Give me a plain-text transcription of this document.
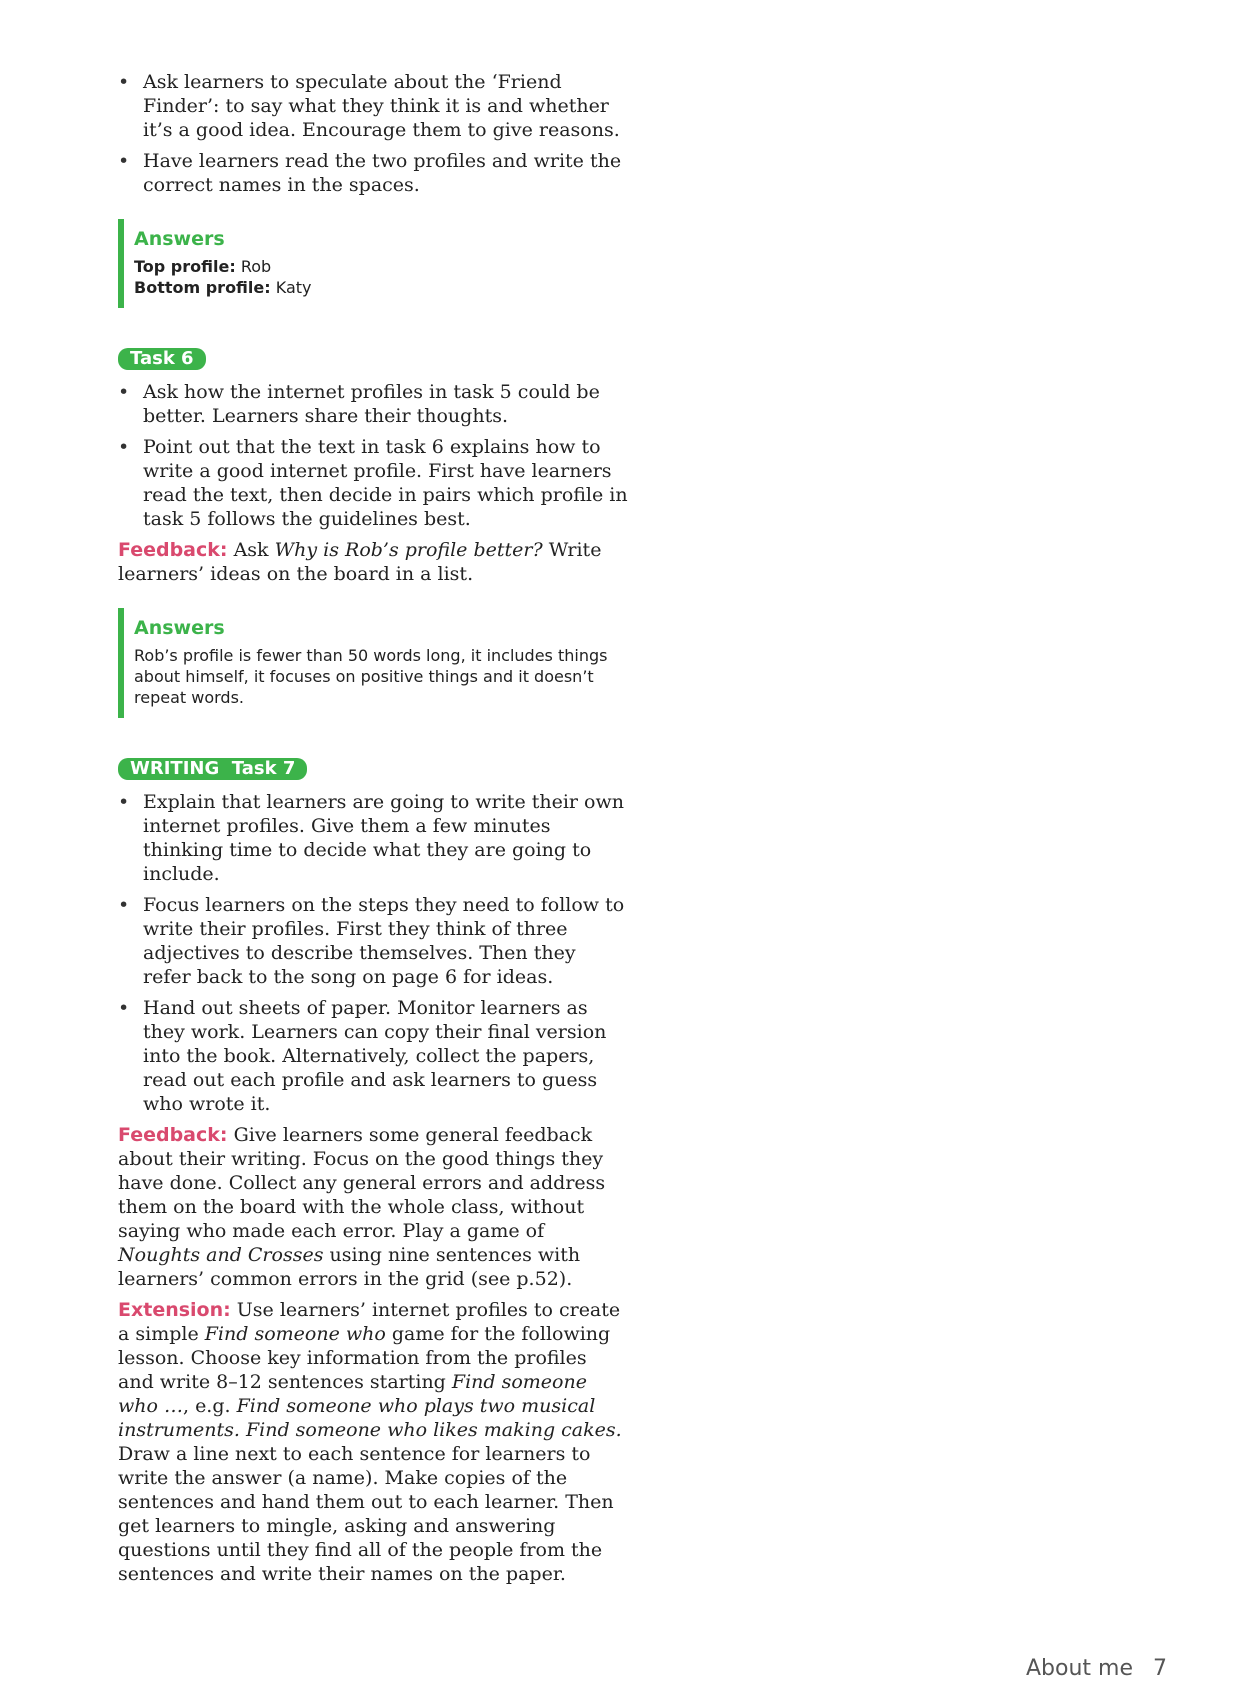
• Ask learners to speculate about the ‘Friend Finder’: to say what they think it is and whether it’s a good idea. Encourage them to give reasons.
• Have learners read the two profiles and write the correct names in the spaces.
Answers
Top profile: Rob
Bottom profile: Katy
Task 6
• Ask how the internet profiles in task 5 could be better. Learners share their thoughts.
• Point out that the text in task 6 explains how to write a good internet profile. First have learners read the text, then decide in pairs which profile in task 5 follows the guidelines best.

Feedback: Ask Why is Rob’s profile better? Write learners’ ideas on the board in a list.

Answers
Rob’s profile is fewer than 50 words long, it includes things about himself, it focuses on positive things and it doesn’t repeat words.
WRITING  Task 7
• Explain that learners are going to write their own internet profiles. Give them a few minutes thinking time to decide what they are going to include.
• Focus learners on the steps they need to follow to write their profiles. First they think of three adjectives to describe themselves. Then they refer back to the song on page 6 for ideas.
• Hand out sheets of paper. Monitor learners as they work. Learners can copy their final version into the book. Alternatively, collect the papers, read out each profile and ask learners to guess who wrote it.

Feedback: Give learners some general feedback about their writing. Focus on the good things they have done. Collect any general errors and address them on the board with the whole class, without saying who made each error. Play a game of Noughts and Crosses using nine sentences with learners’ common errors in the grid (see p.52).

Extension: Use learners’ internet profiles to create a simple Find someone who game for the following lesson. Choose key information from the profiles and write 8–12 sentences starting Find someone who …, e.g. Find someone who plays two musical instruments. Find someone who likes making cakes. Draw a line next to each sentence for learners to write the answer (a name). Make copies of the sentences and hand them out to each learner. Then get learners to mingle, asking and answering questions until they find all of the people from the sentences and write their names on the paper.

About me 7
